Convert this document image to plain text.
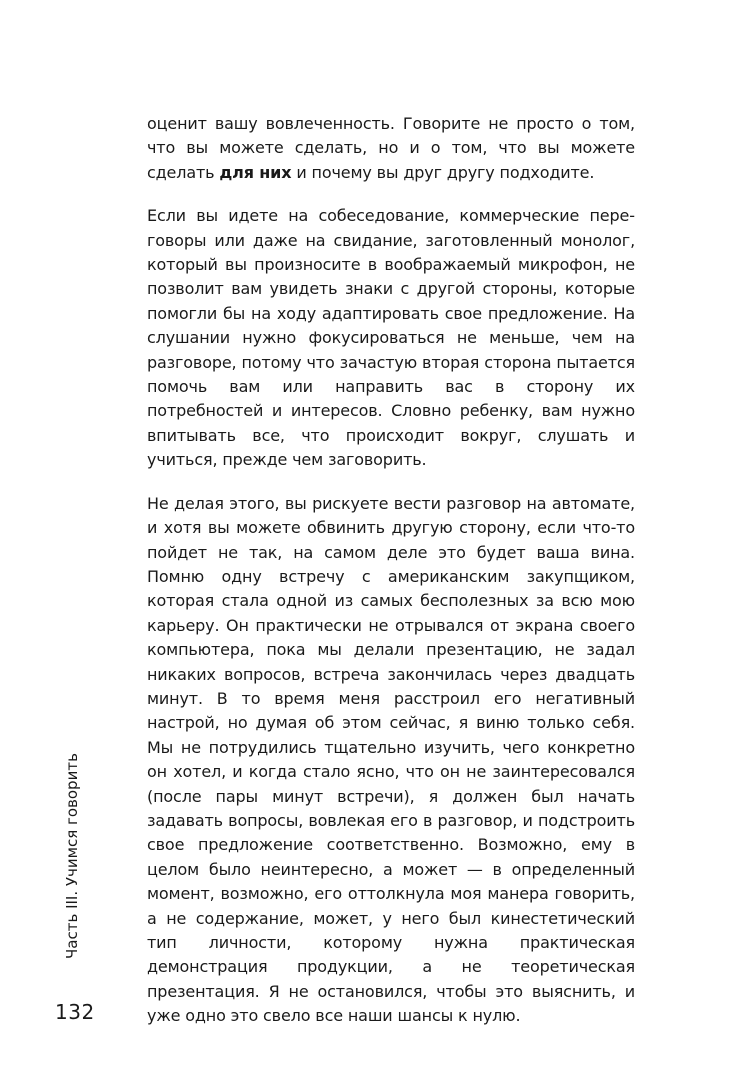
оценит вашу вовлеченность. Говорите не просто о том, что вы можете сделать, но и о том, что вы можете сделать для них и почему вы друг другу подходите.

Если вы идете на собеседование, коммерческие переговоры или даже на свидание, заготовленный монолог, который вы произносите в воображаемый микрофон, не позволит вам увидеть знаки с другой стороны, которые помогли бы на ходу адаптировать свое предложение. На слушании нужно фокусироваться не меньше, чем на разговоре, потому что зачастую вторая сторона пытается помочь вам или направить вас в сторону их потребностей и интересов. Словно ребенку, вам нужно впитывать все, что происходит вокруг, слушать и учиться, прежде чем заговорить.

Не делая этого, вы рискуете вести разговор на автомате, и хотя вы можете обвинить другую сторону, если что-то пойдет не так, на самом деле это будет ваша вина. Помню одну встречу с американским закупщиком, которая стала одной из самых бесполезных за всю мою карьеру. Он практически не отрывался от экрана своего компьютера, пока мы делали презентацию, не задал никаких вопросов, встреча закончилась через двадцать минут. В то время меня расстроил его негативный настрой, но думая об этом сейчас, я виню только себя. Мы не потрудились тщательно изучить, чего конкретно он хотел, и когда стало ясно, что он не заинтересовался (после пары минут встречи), я должен был начать задавать вопросы, вовлекая его в разговор, и подстроить свое предложение соответственно. Возможно, ему в целом было неинтересно, а может — в определенный момент, возможно, его оттолкнула моя манера говорить, а не содержание, может, у него был кинестетический тип личности, которому нужна практическая демонстрация продукции, а не теоретическая презентация. Я не остановился, чтобы это выяснить, и уже одно это свело все наши шансы к нулю.

Часть III. Учимся говорить
132
